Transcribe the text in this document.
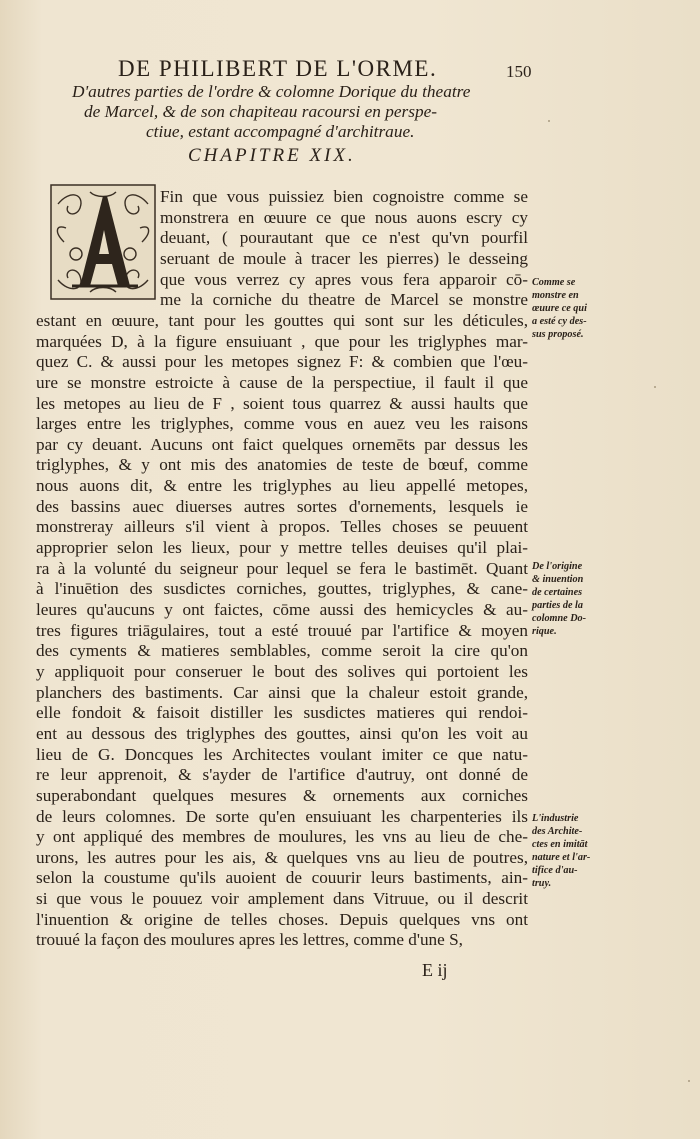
DE PHILIBERT DE L'ORME.	150
D'autres parties de l'ordre & colomne Dorique du theatre
de Marcel, & de son chapiteau racoursi en perspe-
ctiue, estant accompagné d'architraue.
CHAPITRE XIX.
Fin que vous puissiez bien cognoistre comme se
monstrera en œuure ce que nous auons escry cy
deuant, ( pourautant que ce n'est qu'vn pourfil
seruant de moule à tracer les pierres) le desseing
que vous verrez cy apres vous fera apparoir cō-
me la corniche du theatre de Marcel se monstre
estant en œuure, tant pour les gouttes qui sont sur les déticules,
marquées D, à la figure ensuiuant , que pour les triglyphes mar-
quez C. & aussi pour les metopes signez F: & combien que l'œu-
ure se monstre estroicte à cause de la perspectiue, il fault il que
les metopes au lieu de F , soient tous quarrez & aussi haults que
larges entre les triglyphes, comme vous en auez veu les raisons
par cy deuant. Aucuns ont faict quelques ornemēts par dessus les
triglyphes, & y ont mis des anatomies de teste de bœuf, comme
nous auons dit, & entre les triglyphes au lieu appellé metopes,
des bassins auec diuerses autres sortes d'ornements, lesquels ie
monstreray ailleurs s'il vient à propos. Telles choses se peuuent
approprier selon les lieux, pour y mettre telles deuises qu'il plai-
ra à la volunté du seigneur pour lequel se fera le bastimēt. Quant
à l'inuētion des susdictes corniches, gouttes, triglyphes, & cane-
leures qu'aucuns y ont faictes, cōme aussi des hemicycles & au-
tres figures triāgulaires, tout a esté trouué par l'artifice & moyen
des cyments & matieres semblables, comme seroit la cire qu'on
y appliquoit pour conseruer le bout des solives qui portoient les
planchers des bastiments. Car ainsi que la chaleur estoit grande,
elle fondoit & faisoit distiller les susdictes matieres qui rendoi-
ent au dessous des triglyphes des gouttes, ainsi qu'on les voit au
lieu de G. Doncques les Architectes voulant imiter ce que natu-
re leur apprenoit, & s'ayder de l'artifice d'autruy, ont donné de
superabondant quelques mesures & ornements aux corniches
de leurs colomnes. De sorte qu'en ensuiuant les charpenteries ils
y ont appliqué des membres de moulures, les vns au lieu de che-
urons, les autres pour les ais, & quelques vns au lieu de poutres,
selon la coustume qu'ils auoient de couurir leurs bastiments, ain-
si que vous le pouuez voir amplement dans Vitruue, ou il descrit
l'inuention & origine de telles choses. Depuis quelques vns ont
trouué la façon des moulures apres les lettres, comme d'une S,
E ij
Comme se
monstre en
œuure ce qui
a esté cy des-
sus proposé.
De l'origine
& inuention
de certaines
parties de la
colomne Do-
rique.
L'industrie
des Archite-
ctes en imitāt
nature et l'ar-
tifice d'au-
truy.
